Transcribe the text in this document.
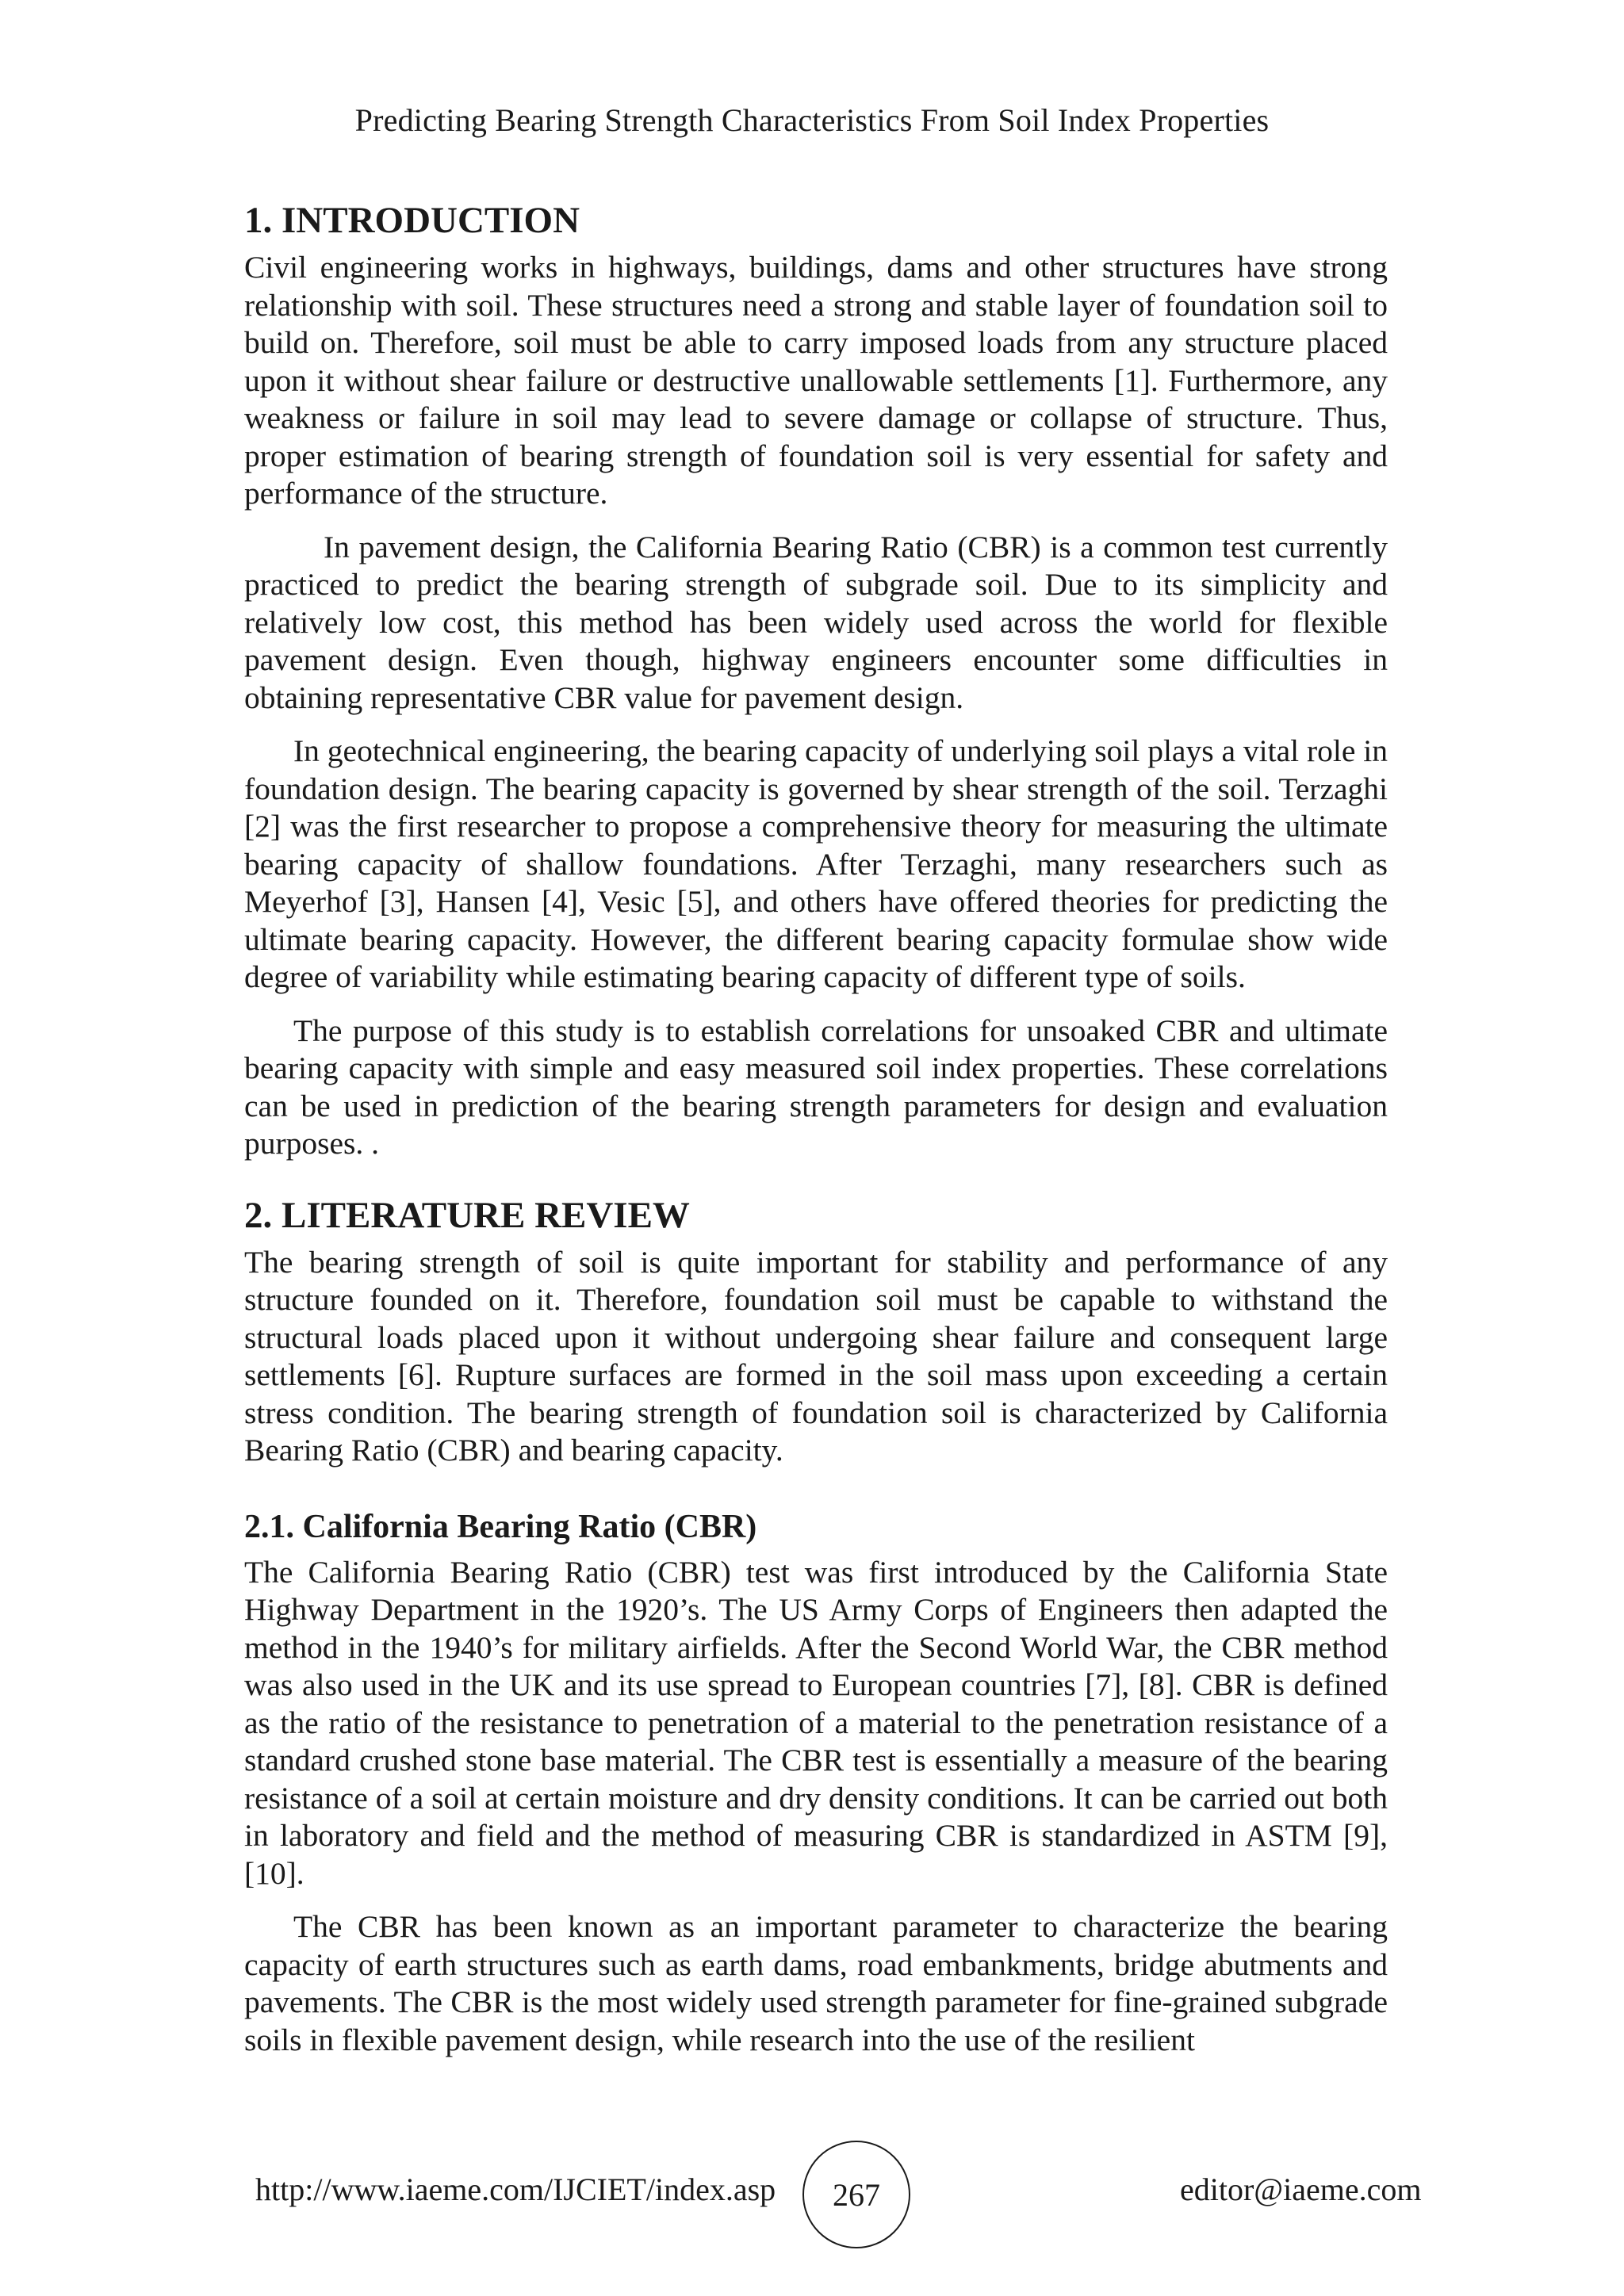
Predicting Bearing Strength Characteristics From Soil Index Properties
1. INTRODUCTION

Civil engineering works in highways, buildings, dams and other structures have strong relationship with soil. These structures need a strong and stable layer of foundation soil to build on. Therefore, soil must be able to carry imposed loads from any structure placed upon it without shear failure or destructive unallowable settlements [1]. Furthermore, any weakness or failure in soil may lead to severe damage or collapse of structure. Thus, proper estimation of bearing strength of foundation soil is very essential for safety and performance of the structure.

In pavement design, the California Bearing Ratio (CBR) is a common test currently practiced to predict the bearing strength of subgrade soil. Due to its simplicity and relatively low cost, this method has been widely used across the world for flexible pavement design. Even though, highway engineers encounter some difficulties in obtaining representative CBR value for pavement design.

In geotechnical engineering, the bearing capacity of underlying soil plays a vital role in foundation design. The bearing capacity is governed by shear strength of the soil. Terzaghi [2] was the first researcher to propose a comprehensive theory for measuring the ultimate bearing capacity of shallow foundations. After Terzaghi, many researchers such as Meyerhof [3], Hansen [4], Vesic [5], and others have offered theories for predicting the ultimate bearing capacity. However, the different bearing capacity formulae show wide degree of variability while estimating bearing capacity of different type of soils.

The purpose of this study is to establish correlations for unsoaked CBR and ultimate bearing capacity with simple and easy measured soil index properties. These correlations can be used in prediction of the bearing strength parameters for design and evaluation purposes. .

2. LITERATURE REVIEW

The bearing strength of soil is quite important for stability and performance of any structure founded on it. Therefore, foundation soil must be capable to withstand the structural loads placed upon it without undergoing shear failure and consequent large settlements [6]. Rupture surfaces are formed in the soil mass upon exceeding a certain stress condition. The bearing strength of foundation soil is characterized by California Bearing Ratio (CBR) and bearing capacity.

2.1. California Bearing Ratio (CBR)

The California Bearing Ratio (CBR) test was first introduced by the California State Highway Department in the 1920’s. The US Army Corps of Engineers then adapted the method in the 1940’s for military airfields. After the Second World War, the CBR method was also used in the UK and its use spread to European countries [7], [8]. CBR is defined as the ratio of the resistance to penetration of a material to the penetration resistance of a standard crushed stone base material. The CBR test is essentially a measure of the bearing resistance of a soil at certain moisture and dry density conditions. It can be carried out both in laboratory and field and the method of measuring CBR is standardized in ASTM [9], [10].

The CBR has been known as an important parameter to characterize the bearing capacity of earth structures such as earth dams, road embankments, bridge abutments and pavements. The CBR is the most widely used strength parameter for fine-grained subgrade soils in flexible pavement design, while research into the use of the resilient

http://www.iaeme.com/IJCIET/index.asp	267	editor@iaeme.com
